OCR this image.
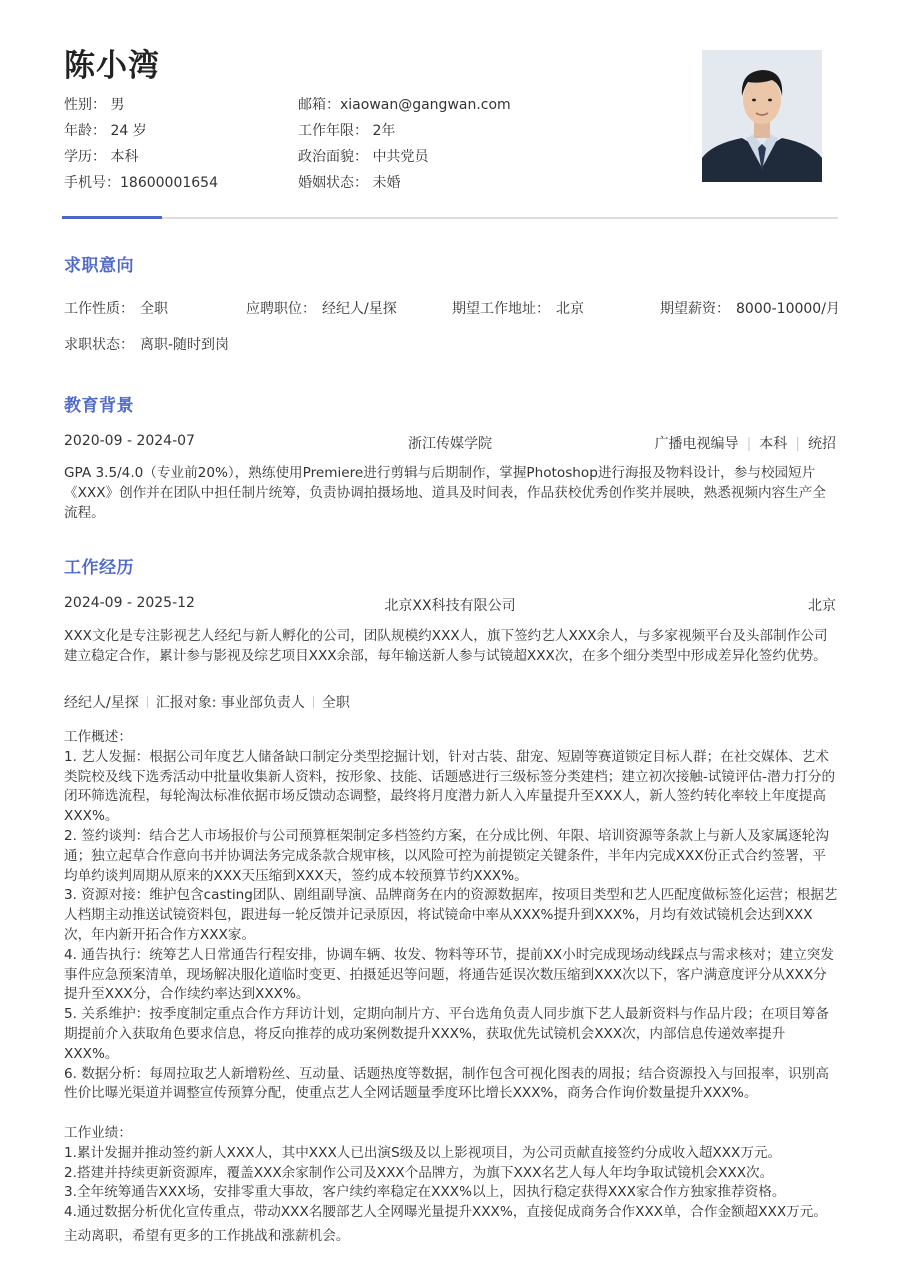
陈小湾
性别： 男	邮箱：xiaowan@gangwan.com
年龄： 24 岁	工作年限： 2年
学历： 本科	政治面貌： 中共党员
手机号：18600001654	婚姻状态： 未婚
求职意向
工作性质： 全职	应聘职位： 经纪人/星探	期望工作地址： 北京	期望薪资： 8000-10000/月
求职状态： 离职-随时到岗
教育背景
2020-09 - 2024-07	浙江传媒学院	广播电视编导 | 本科 | 统招
GPA 3.5/4.0（专业前20%），熟练使用Premiere进行剪辑与后期制作，掌握Photoshop进行海报及物料设计，参与校园短片《XXX》创作并在团队中担任制片统筹，负责协调拍摄场地、道具及时间表，作品获校优秀创作奖并展映，熟悉视频内容生产全流程。
工作经历
2024-09 - 2025-12	北京XX科技有限公司	北京
XXX文化是专注影视艺人经纪与新人孵化的公司，团队规模约XXX人，旗下签约艺人XXX余人，与多家视频平台及头部制作公司建立稳定合作，累计参与影视及综艺项目XXX余部，每年输送新人参与试镜超XXX次，在多个细分类型中形成差异化签约优势。
经纪人/星探 汇报对象: 事业部负责人 全职

工作概述：

1. 艺人发掘：根据公司年度艺人储备缺口制定分类型挖掘计划，针对古装、甜宠、短剧等赛道锁定目标人群；在社交媒体、艺术类院校及线下选秀活动中批量收集新人资料，按形象、技能、话题感进行三级标签分类建档；建立初次接触-试镜评估-潜力打分的闭环筛选流程，每轮淘汰标准依据市场反馈动态调整，最终将月度潜力新人入库量提升至XXX人，新人签约转化率较上年度提高XXX%。

2. 签约谈判：结合艺人市场报价与公司预算框架制定多档签约方案，在分成比例、年限、培训资源等条款上与新人及家属逐轮沟通；独立起草合作意向书并协调法务完成条款合规审核，以风险可控为前提锁定关键条件，半年内完成XXX份正式合约签署，平均单约谈判周期从原来的XXX天压缩到XXX天，签约成本较预算节约XXX%。

3. 资源对接：维护包含casting团队、剧组副导演、品牌商务在内的资源数据库，按项目类型和艺人匹配度做标签化运营；根据艺人档期主动推送试镜资料包，跟进每一轮反馈并记录原因，将试镜命中率从XXX%提升到XXX%，月均有效试镜机会达到XXX次，年内新开拓合作方XXX家。

4. 通告执行：统筹艺人日常通告行程安排，协调车辆、妆发、物料等环节，提前XX小时完成现场动线踩点与需求核对；建立突发事件应急预案清单，现场解决服化道临时变更、拍摄延迟等问题，将通告延误次数压缩到XXX次以下，客户满意度评分从XXX分提升至XXX分，合作续约率达到XXX%。

5. 关系维护：按季度制定重点合作方拜访计划，定期向制片方、平台选角负责人同步旗下艺人最新资料与作品片段；在项目筹备期提前介入获取角色要求信息，将反向推荐的成功案例数提升XXX%，获取优先试镜机会XXX次，内部信息传递效率提升XXX%。

6. 数据分析：每周拉取艺人新增粉丝、互动量、话题热度等数据，制作包含可视化图表的周报；结合资源投入与回报率，识别高性价比曝光渠道并调整宣传预算分配，使重点艺人全网话题量季度环比增长XXX%，商务合作询价数量提升XXX%。

工作业绩：

1.累计发掘并推动签约新人XXX人，其中XXX人已出演S级及以上影视项目，为公司贡献直接签约分成收入超XXX万元。

2.搭建并持续更新资源库，覆盖XXX余家制作公司及XXX个品牌方，为旗下XXX名艺人每人年均争取试镜机会XXX次。

3.全年统筹通告XXX场，安排零重大事故，客户续约率稳定在XXX%以上，因执行稳定获得XXX家合作方独家推荐资格。

4.通过数据分析优化宣传重点，带动XXX名腰部艺人全网曝光量提升XXX%，直接促成商务合作XXX单，合作金额超XXX万元。

主动离职，希望有更多的工作挑战和涨薪机会。
